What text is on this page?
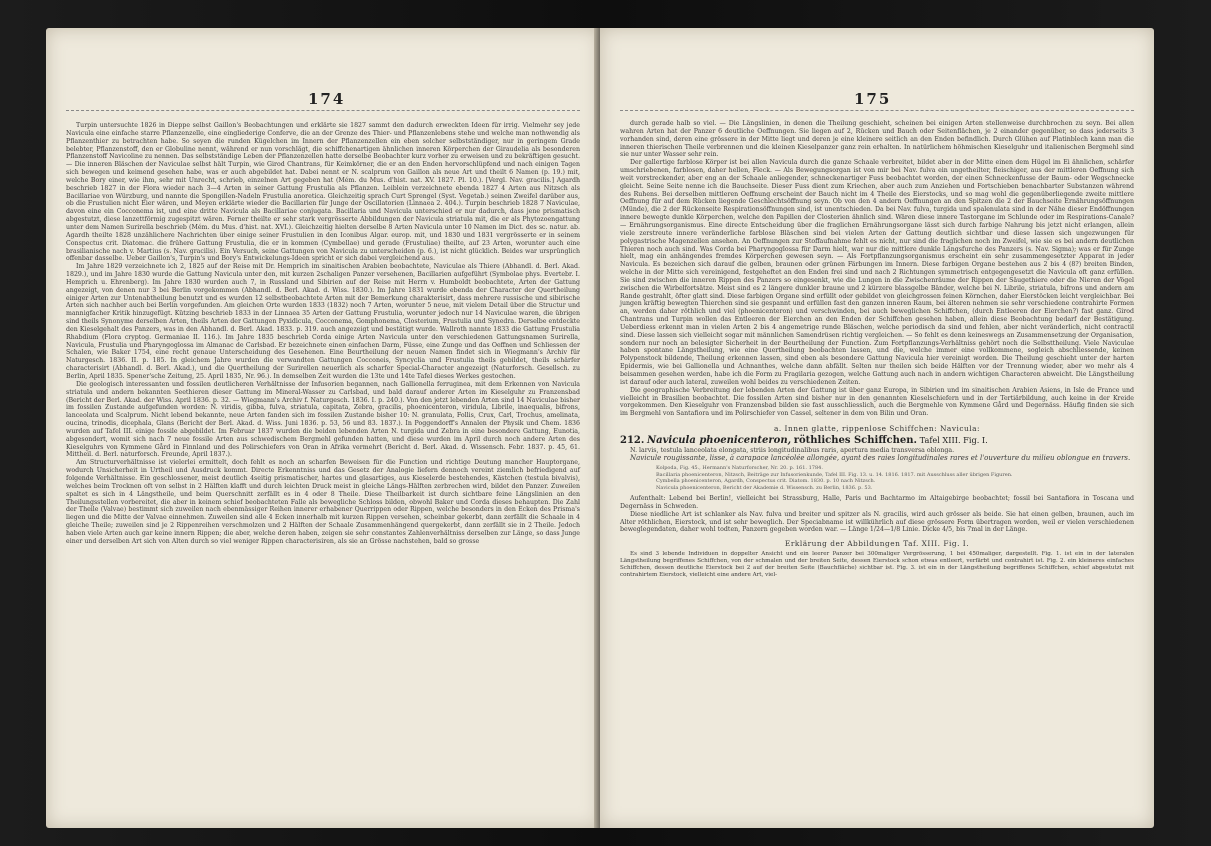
174

Turpin untersuchte 1826 in Dieppe selbst Gaillon's Beobachtungen und erklärte sie 1827 sammt den dadurch erweckten Ideen für irrig. Vielmehr sey jede Navicula eine einfache starre Pflanzenzelle, eine eingliederige Conferve, die an der Grenze des Thier- und Pflanzenlebens stehe und welche man nothwendig als Pflanzenthier zu betrachten habe. So seyen die runden Kügelchen im Innern der Pflanzenzellen ein eben solcher selbstständiger, nur in geringem Grade belebter, Pflanzenstoff, den er Globuline nennt, während er nun vorschlägt, die schiffchenartigen ähnlichen inneren Körperchen der Giraudelia als besonderen Pflanzenstoff Navicoline zu nennen. Das selbstständige Leben der Pflanzenzellen hatte derselbe Beobachter kurz vorher zu erweisen und zu bekräftigen gesucht. — Die inneren Bläschen der Naviculae selbst hält Turpin, wie Girod Chantrans, für Keimkörner, die er an den Enden hervorschlüpfend und nach einigen Tagen sich bewegen und keimend gesehen habe, was er auch abgebildet hat. Dabei nennt er N. scalprum von Gaillon als neue Art und theilt 6 Namen (p. 19.) mit, welche Bory einer, wie ihm, sehr mit Unrecht, schrieb, einzelnen Art gegeben hat (Mém. du Mus. d'hist. nat. XV. 1827. Pl. 10.). [Vergl. Nav. gracilis.] Agardh beschrieb 1827 in der Flora wieder nach 3—4 Arten in seiner Gattung Frustulia als Pflanzen. Leiblein verzeichnete ebenda 1827 4 Arten aus Nitzsch als Bacillariae von Würzburg, und nannte die Spongillen-Nadeln Frustulia anoretica. Gleichzeitig sprach Curt Sprengel (Syst. Vegetab.) seinen Zweifel darüber aus, ob die Frustulien nicht Eier wären, und Meyen erklärte wieder die Bacillarien für Junge der Oscillatorien (Linnaea 2. 404.). Turpin beschrieb 1828 7 Naviculae, davon eine ein Cocconema ist, und eine dritte Navicula als Bacillariae conjugata. Bacillaria und Navicula unterschied er nur dadurch, dass jene prismatisch abgestutzt, diese lanzettförmig zugespitzt wären. Ferner theilte er sehr stark vergrösserte Abbildungen der Navicula striatula mit, die er als Phytozoengattung unter dem Namen Surirella beschrieb (Mém. du Mus. d'hist. nat. XVI.). Gleichzeitig hielten derselbe 8 Arten Navicula unter 10 Namen im Dict. des sc. natur. ab. Agardh theilte 1828 unzählichere Nachrichten über einige seiner Frustulien in den Iconibus Algar. europ. mit, und 1830 und 1831 vergrösserte er in seinem Conspectus crit. Diatomac. die frühere Gattung Frustulia, die er in kommen (Cymbellae) und gerade (Frustuliae) theilte, auf 23 Arten, worunter auch eine brasilianische nach v. Martius (s. Nav. gracilis). Ein Versuch, seine Gattungen von Navicula zu unterscheiden (p. 6.), ist nicht glücklich. Beides war ursprünglich offenbar dasselbe. Ueber Gaillon's, Turpin's und Bory's Entwickelungs-Ideen spricht er sich dabei vergleichend aus.

Im Jahre 1829 verzeichnete ich 2, 1825 auf der Reise mit Dr. Hemprich im sinaitischen Arabien beobachtete, Naviculae als Thiere (Abhandl. d. Berl. Akad. 1829.), und im Jahre 1830 wurde die Gattung Navicula unter den, mit kurzen 2schaligen Panzer versehenen, Bacillarien aufgeführt (Symbolae phys. Evertebr. I. Hemprich u. Ehrenberg). Im Jahre 1830 wurden auch 7, in Russland und Sibirien auf der Reise mit Herrn v. Humboldt beobachtete, Arten der Gattung angezeigt, von denen nur 3 bei Berlin vorgekommen (Abhandl. d. Berl. Akad. d. Wiss. 1830.). Im Jahre 1831 wurde ebenda der Character der Quertheilung einiger Arten zur Untenabtheilung benutzt und es wurden 12 selbstbeobachtete Arten mit der Bemerkung charakterisirt, dass mehrere russische und sibirische Arten sich nachher auch bei Berlin vorgefunden. Am gleichen Orte wurden 1833 (1832) noch 7 Arten, worunter 5 neue, mit vielem Detail über die Structur und mannigfacher Kritik hinzugefügt. Kützing beschrieb 1833 in der Linnaea 35 Arten der Gattung Frustulia, worunter jedoch nur 14 Naviculae waren, die übrigen sind theils Synonyme derselben Arten, theils Arten der Gattungen Pyxidicula, Cocconema, Gomphonema, Closterium, Frustulia und Synedra. Derselbe entdeckte den Kieselgehalt des Panzers, was in den Abhandl. d. Berl. Akad. 1833. p. 319. auch angezeigt und bestätigt wurde. Wallroth nannte 1833 die Gattung Frustulia Rhabdium (Flora cryptog. Germaniae II. 116.). Im Jahre 1835 beschrieb Corda einige Arten Navicula unter den verschiedenen Gattungsnamen Surirella, Navicula, Frustulia und Pharyngoglossa im Almanac de Carlsbad. Er bezeichnete einen einfachen Darm, Füsse, eine Zunge und das Oeffnen und Schliessen der Schalen, wie Baker 1754, eine recht genaue Unterscheidung des Gesehenen. Eine Beurtheilung der neuen Namen findet sich in Wiegmann's Archiv für Naturgesch. 1836. II. p. 185. In gleichem Jahre wurden die verwandten Gattungen Cocconeis, Syncyclia und Frustulia theils gebildet, theils schärfer characterisirt (Abhandl. d. Berl. Akad.), und die Quertheilung der Surirellen neuerlich als scharfer Special-Character angezeigt (Naturforsch. Gesellsch. zu Berlin, April 1835. Spener'sche Zeitung, 25. April 1835, Nr. 96.). In demselben Zeit wurden die 13te und 14te Tafel dieses Werkes gestochen.

Die geologisch interessanten und fossilen deutlicheren Verhältnisse der Infusorien begannen, nach Gallionella ferruginea, mit dem Erkennen von Navicula striatula und andern bekannten Seethieren dieser Gattung im Mineral-Wasser zu Carlsbad, und bald darauf anderer Arten im Kieselguhr zu Franzensbad (Bericht der Berl. Akad. der Wiss. April 1836. p. 32. — Wiegmann's Archiv f. Naturgesch. 1836. I. p. 240.). Von den jetzt lebenden Arten sind 14 Naviculae bisher im fossilen Zustande aufgefunden worden: N. viridis, gibba, fulva, striatula, capitata, Zebra, gracilis, phoenicenteron, viridula, Librile, inaequalis, bifrons, lanceolata und Scalprum. Nicht lebend bekannte, neue Arten fanden sich im fossilen Zustande bisher 10: N. granulata, Follis, Crux, Carl, Trochus, amelinata, oucina, trinodis, dicephala, Glans (Bericht der Berl. Akad. d. Wiss. Juni 1836. p. 53, 56 und 83. 1837.). In Poggendorff's Annalen der Physik und Chem. 1836 wurden auf Tafel III. einige fossile abgebildet. Im Februar 1837 wurden die beiden lebenden Arten N. turgida und Zebra in eine besondere Gattung, Eunotia, abgesondert, womit sich nach 7 neue fossile Arten aus schwedischem Bergmehl gefunden hatten, und diese wurden im April durch noch andere Arten des Kieselguhrs von Kymmene Gård in Finnland und des Polirschiefers von Oran in Afrika vermehrt (Bericht d. Berl. Akad. d. Wissensch. Febr. 1837. p. 45, 61. Mittheil. d. Berl. naturforsch. Freunde, April 1837.).

Am Structurverhältnisse ist vielerlei ermittelt, doch fehlt es noch an scharfen Beweisen für die Function und richtige Deutung mancher Hauptorgane, wodurch Unsicherheit in Urtheil und Ausdruck kommt. Directe Erkenntniss und das Gesetz der Analogie liefern dennoch vereint ziemlich befriedigend auf folgende Verhältnisse. Ein geschlossener, meist deutlich 4seitig prismatischer, hartes und glasartiges, aus Kieselerde bestehendes, Kästchen (testula bivalvis), welches beim Trocknen oft von selbst in 2 Hälften klafft und durch leichten Druck meist in gleiche Längs-Hälften zerbrechen wird, bildet den Panzer. Zuweilen spaltet es sich in 4 Längstheile, und beim Querschnitt zerfällt es in 4 oder 8 Theile. Diese Theilbarkeit ist durch sichtbare feine Längslinien an den Theilungsstellen vorbereitet, die aber in keinem schief beobachteten Falle als bewegliche Schloss bilden, obwohl Baker und Corda dieses behaupten. Die Zahl der Theile (Valvae) bestimmt sich zuweilen nach ebenmässiger Reihen innerer erhabener Querrippen oder Rippen, welche besonders in den Ecken des Prisma's liegen und die Mitte der Valvae einnehmen. Zuweilen sind alle 4 Ecken innerhalb mit kurzen Rippen versehen, scheinbar gekerbt, dann zerfällt die Schaale in 4 gleiche Theile; zuweilen sind je 2 Rippenreihen verschmolzen und 2 Hälften der Schaale Zusammenhängend quergekerbt, dann zerfällt sie in 2 Theile. Jedoch haben viele Arten auch gar keine innern Rippen; die aber, welche deren haben, zeigen sie sehr constantes Zahlenverhältniss derselben zur Länge, so dass Junge einer und derselben Art sich von Alten durch so viel weniger Rippen characterisiren, als sie an Grösse nachstehen, bald so grosse

175

durch gerade halb so viel. — Die Längslinien, in denen die Theilung geschieht, scheinen bei einigen Arten stellenweise durchbrochen zu seyn. Bei allen wahren Arten hat der Panzer 6 deutliche Oeffnungen. Sie liegen auf 2, Rücken und Bauch oder Seitenflächen, je 2 einander gegenüber, so dass jederseits 3 vorhanden sind, deren eine grössere in der Mitte liegt und deren je eine kleinere seitlich an den Enden befindlich. Durch Glühen auf Platinblech kann man die inneren thierischen Theile verbrennen und die kleinen Kieselpanzer ganz rein erhalten. In natürlichem höhmischen Kieselguhr und italienischen Bergmehl sind sie nur unter Wasser sehr rein.

Der gallertige farblose Körper ist bei allen Navicula durch die ganze Schaale verbreitet, bildet aber in der Mitte einen dem Hügel im Ei ähnlichen, schärfer umschriebenen, farblosen, daher hellen, Fleck. — Als Bewegungsorgan ist von mir bei Nav. fulva ein ungetheilter, fleischiger, aus der mittleren Oeffnung sich weit vorstreckender, aber eng an der Schaale anliegender, schneckenartiger Fuss beobachtet worden, der einen Schneckenfusse der Baum- oder Wegschnecke gleicht. Seine Seite nenne ich die Bauchseite. Dieser Fuss dient zum Kriechen, aber auch zum Anziehen und Fortschieben benachbarter Substanzen während des Ruhens. Bei derselben mittleren Oeffnung erscheint der Bauch nicht im 4 Theile des Eierstocks, und so mag wohl die gegenüberliegende zweite mittlere Oeffnung für auf dem Rücken liegende Geschlechtsöffnung seyn. Ob von den 4 andern Oeffnungen an den Spitzen die 2 der Bauchseite Ernährungsöffnungen (Münde), die 2 der Rückenseite Respirationsöffnungen sind, ist unentschieden. Da bei Nav. fulva, turgida und spalenulata sind in der Nähe dieser Endöffnungen innere bewegte dunkle Körperchen, welche den Papillen der Closterien ähnlich sind. Wären diese innere Tastorgane im Schlunde oder im Respirations-Canale? — Ernährungsorganismus. Eine directe Entscheidung über die fraglichen Ernährungsorgane lässt sich durch farbige Nahrung bis jetzt nicht erlangen, allein viele zerstreute innere veränderliche farblose Bläschen sind bei vielen Arten der Gattung deutlich sichtbar und diese lassen sich ungezwungen für polygastrische Magenzellen ansehen. An Oeffnungen zur Stoffaufnahme fehlt es nicht, nur sind die fraglichen noch im Zweifel, wie sie es bei andern deutlichen Thieren noch auch sind. Was Corda bei Pharyngoglossa für Darm hielt, war nur die mittlere dunkle Längsfurche des Panzers (s. Nav. Sigma); was er für Zunge hielt, mag ein anhängendes fremdes Körperchen gewesen seyn. — Als Fortpflanzungsorganismus erscheint ein sehr zusammengesetzter Apparat in jeder Navicula. Es bezeichen sich darauf die gelben, braunen oder grünen Färbungen im Innern. Diese farbigen Organe bestehen aus 2 bis 4 (8?) breiten Binden, welche in der Mitte sich vereinigend, festgeheftet an den Enden frei sind und nach 2 Richtungen symmetrisch entgegengesetzt die Navicula oft ganz erfüllen. Sie sind zwischen die inneren Rippen des Panzers so eingesenkt, wie die Lungen in die Zwischenräume der Rippen der Säugethiere oder die Nieren der Vögel zwischen die Wirbelfortsätze. Meist sind es 2 längere dunkler braune und 2 kürzere blassgelbe Bänder, welche bei N. Librile, striatula, bifrons und andern am Rande gestrahlt, öfter glatt sind. Diese farbigen Organe sind erfüllt oder gebildet von gleichgrossen feinen Körnchen, daher Eierstöcken leicht vergleichbar. Bei jungen kräftig bewegten Thierchen sind sie gespannt und erfüllen fast den ganzen inneren Raum, bei älteren nehmen sie sehr verschiedene contrahirte Formen an, werden daher röthlich und viel (phoenicenteron) und verschwinden, bei auch beweglichen Schiffchen, (durch Entleeren der Eierchen?) fast ganz. Girod Chantrans und Turpin wollen das Entleeren der Eierchen an den Enden der Schiffchen gesehen haben, allein diese Beobachtung bedarf der Bestätigung. Ueberdiess erkennt man in vielen Arten 2 bis 4 angemetrige runde Bläschen, welche periodisch da sind und fehlen, aber nicht veränderlich, nicht contractil sind. Diese lassen sich vielleicht sogar mit männlichen Samendrüsen richtig vergleichen. — So fehlt es denn keineswegs an Zusammensetzung der Organisation, sondern nur noch an belesigter Sicherheit in der Beurtheilung der Function. Zum Fortpflanzungs-Verhältniss gehört noch die Selbsttheilung. Viele Naviculae haben spontane Längstheilung, wie eine Quertheilung beobachten lassen, und die, welche immer eine vollkommene, sogleich abschliessende, keinen Polypenstock bildende, Theilung erkennen lassen, sind eben als besondere Gattung Navicula hier vereinigt worden. Die Theilung geschieht unter der harten Epidermis, wie bei Gallionella und Achnanthes, welche dann abfällt. Selten nur theilen sich beide Hälften vor der Trennung wieder, aber wo mehr als 4 beisammen gesehen werden, habe ich die Form zu Fragilaria gezogen, welche Gattung auch nach in andern wichtigen Characteren abweicht. Die Längstheilung ist darauf oder auch lateral, zuweilen wohl beides zu verschiedenen Zeiten.

Die geographische Verbreitung der lebenden Arten der Gattung ist über ganz Europa, in Sibirien und im sinaitischen Arabien Asiens, in Isle de France und vielleicht in Brasilien beobachtet. Die fossilen Arten sind bisher nur in den genannten Kieselschiefern und in der Tertiärbildung, auch keine in der Kreide vorgekommen. Den Kieselguhr von Franzensbad bilden sie fast ausschliesslich, auch die Bergmehle von Kymmene Gård und Degernäss. Häufig finden sie sich im Bergmehl von Santafiora und im Polirschiefer von Cassel, seltener in dem von Bilin und Oran.

a. Innen glatte, rippenlose Schiffchen: Navicula:
212. Navicula phoenicenteron, röthliches Schiffchen. Tafel XIII. Fig. I.

N. larvis, testula lanceolata elongata, striis longitudinalibus raris, apertura media transversa oblonga.

Navicule rougissante, lisse, à carapace lancéolée allongée, ayant des raies longitudinales rares et l'ouverture du milieu oblongue en travers.

Kolpoda, Fig. 45., Hermann's Naturforscher, Nr. 20. p. 161. 1784.
Bacillaria phoenicenteron, Nitzsch, Beiträge zur Infusorienkunde, Tafel III. Fig. 13. u. 14. 1816. 1817. mit Ausschluss aller übrigen Figuren.
Cymbella phoenicenteron, Agardh, Conspectus crit. Diatom. 1830. p. 10 nach Nitzsch.
Navicula phoenicenteron, Bericht der Akademie d. Wissensch. zu Berlin, 1836. p. 53.

Aufenthalt: Lebend bei Berlin!, vielleicht bei Strassburg, Halle, Paris und Bachtarmo im Altaigebirge beobachtet; fossil bei Santafiora in Toscana und Degernäss in Schweden.

Diese niedliche Art ist schlanker als Nav. fulva und breiter und spitzer als N. gracilis, wird auch grösser als beide. Sie hat einen gelben, braunen, auch im Alter röthlichen, Eierstock, und ist sehr beweglich. Der Speciabname ist willkührlich auf diese grössere Form übertragen worden, weil er vielen verschiedenen beweglegendaten, daher wohl todten, Panzern gegeben worden war. — Länge 1/24—1/8 Linie. Dicke 4/5, bis 7mal in der Länge.

Erklärung der Abbildungen Taf. XIII. Fig. I.

Es sind 3 lebende Individuen in doppelter Ansicht und ein leerer Panzer bei 300maliger Vergrösserung, 1 bei 450maliger, dargestellt. Fig. 1. ist ein in der lateralen Längstheilung begriffenes Schiffchen, von der schmalen und der breiten Seite, dessen Eierstock schon etwas entleert, verfärbt und contrahirt ist. Fig. 2. ein kleineres einfaches Schiffchen, dessen deutliche Eierstock bei 2 auf der breiten Seite (Bauchfläche) sichtbar ist. Fig. 3. ist ein in der Längstheilung begriffenes Schiffchen, schief abgestutzt mit contrahirtem Eierstock, vielleicht eine andere Art, viel-
